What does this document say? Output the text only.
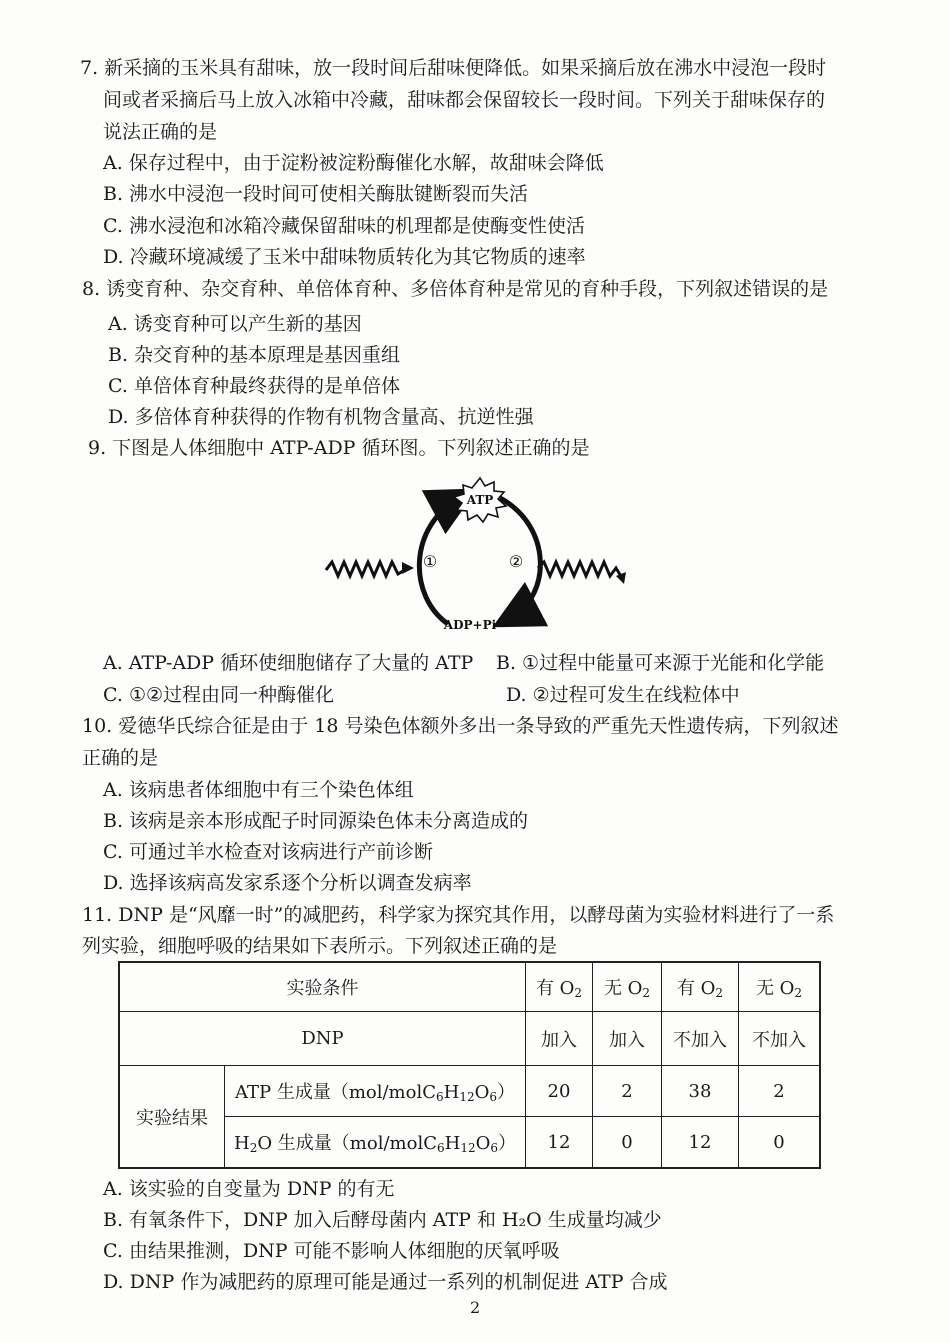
7. 新采摘的玉米具有甜味，放一段时间后甜味便降低。如果采摘后放在沸水中浸泡一段时
间或者采摘后马上放入冰箱中冷藏，甜味都会保留较长一段时间。下列关于甜味保存的
说法正确的是
A. 保存过程中，由于淀粉被淀粉酶催化水解，故甜味会降低
B. 沸水中浸泡一段时间可使相关酶肽键断裂而失活
C. 沸水浸泡和冰箱冷藏保留甜味的机理都是使酶变性使活
D. 冷藏环境减缓了玉米中甜味物质转化为其它物质的速率
8. 诱变育种、杂交育种、单倍体育种、多倍体育种是常见的育种手段，下列叙述错误的是
A. 诱变育种可以产生新的基因
B. 杂交育种的基本原理是基因重组
C. 单倍体育种最终获得的是单倍体
D. 多倍体育种获得的作物有机物含量高、抗逆性强
9. 下图是人体细胞中 ATP-ADP 循环图。下列叙述正确的是
ATP
①	②
ADP+Pi
A. ATP-ADP 循环使细胞储存了大量的 ATP B. ①过程中能量可来源于光能和化学能
C. ①②过程由同一种酶催化	D. ②过程可发生在线粒体中
10. 爱德华氏综合征是由于 18 号染色体额外多出一条导致的严重先天性遗传病，下列叙述
正确的是
A. 该病患者体细胞中有三个染色体组
B. 该病是亲本形成配子时同源染色体未分离造成的
C. 可通过羊水检查对该病进行产前诊断
D. 选择该病高发家系逐个分析以调查发病率
11. DNP 是“风靡一时”的减肥药，科学家为探究其作用，以酵母菌为实验材料进行了一系
列实验，细胞呼吸的结果如下表所示。下列叙述正确的是
实验条件		有 $O_2$	无 $O_2$	有 $O_2$	无 $O_2$
DNP		加入	加入	不加入	不加入
实验结果	ATP 生成量$(mol/molC_6H_{12}O_6)$	20	2	38	2
	$H_2O$ 生成量$(mol/molC_6H_{12}O_6)$	12	0	12	0
A. 该实验的自变量为 DNP 的有无
B. 有氧条件下，DNP 加入后酵母菌内 ATP 和 H₂O 生成量均减少
C. 由结果推测，DNP 可能不影响人体细胞的厌氧呼吸
D. DNP 作为减肥药的原理可能是通过一系列的机制促进 ATP 合成
2
